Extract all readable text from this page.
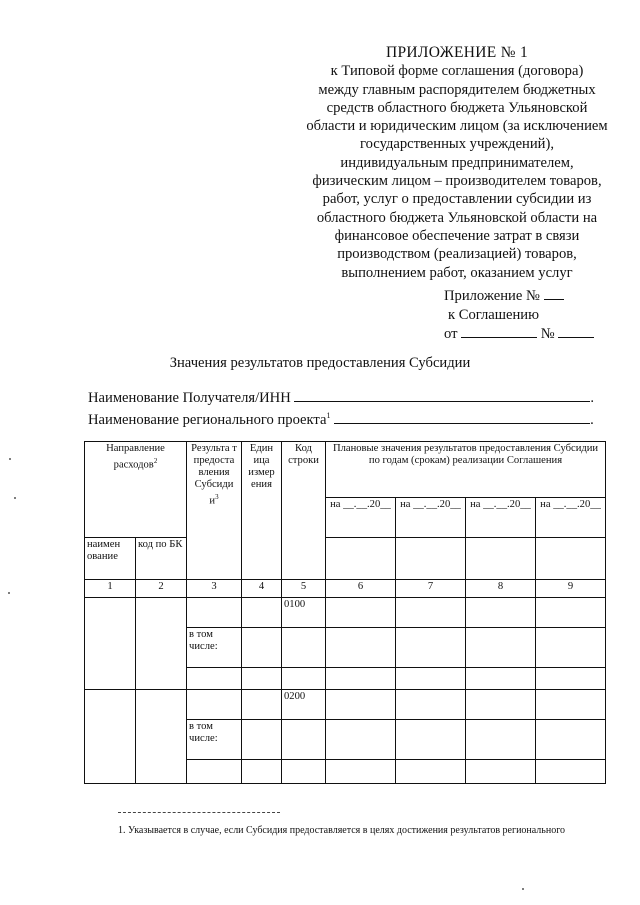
ПРИЛОЖЕНИЕ № 1
к Типовой форме соглашения (договора)
между главным распорядителем бюджетных
средств областного бюджета Ульяновской
области и юридическим лицом (за исключением
государственных учреждений),
индивидуальным предпринимателем,
физическим лицом – производителем товаров,
работ, услуг о предоставлении субсидии из
областного бюджета Ульяновской области на
финансовое обеспечение затрат в связи
производством (реализацией) товаров,
выполнением работ, оказанием услуг
Приложение №
к Соглашению
от	№
Значения результатов предоставления Субсидии
Наименование Получателя/ИНН	.
Наименование регионального проекта$^1$	.
Направление расходов$^2$		Результа т предоста вления Субсиди $и^3$	Един ица измер ения	Код строки	Плановые значения результатов предоставления Субсидии по годам (срокам) реализации Соглашения			
					на __.__.20__	на __.__.20__	на __.__.20__	на __.__.20__
наимен ование	код по БК							
1	2	3	4	5	6	7	8	9
				0100				
		в том числе:						

				0200				
		в том числе:						

1. Указывается в случае, если Субсидия предоставляется в целях достижения результатов регионального
